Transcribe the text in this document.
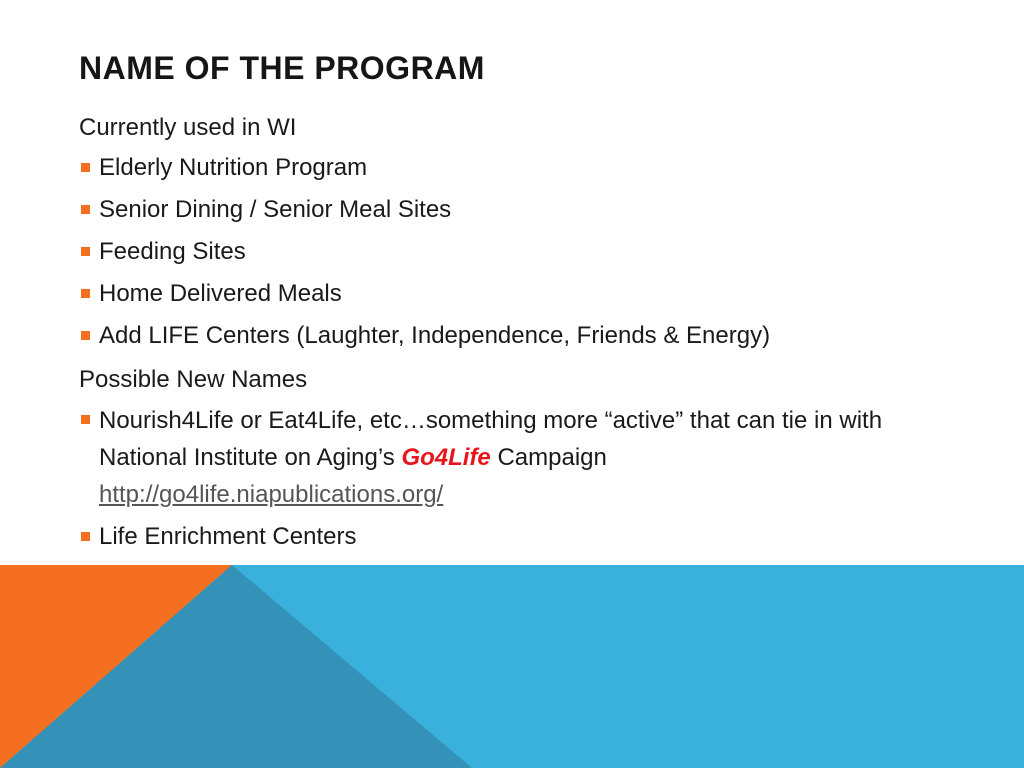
NAME OF THE PROGRAM
Currently used in WI
Elderly Nutrition Program
Senior Dining / Senior Meal Sites
Feeding Sites
Home Delivered Meals
Add LIFE Centers (Laughter, Independence, Friends & Energy)
Possible New Names
Nourish4Life or Eat4Life, etc…something more “active” that can tie in with National Institute on Aging’s Go4Life Campaign
http://go4life.niapublications.org/
Life Enrichment Centers
